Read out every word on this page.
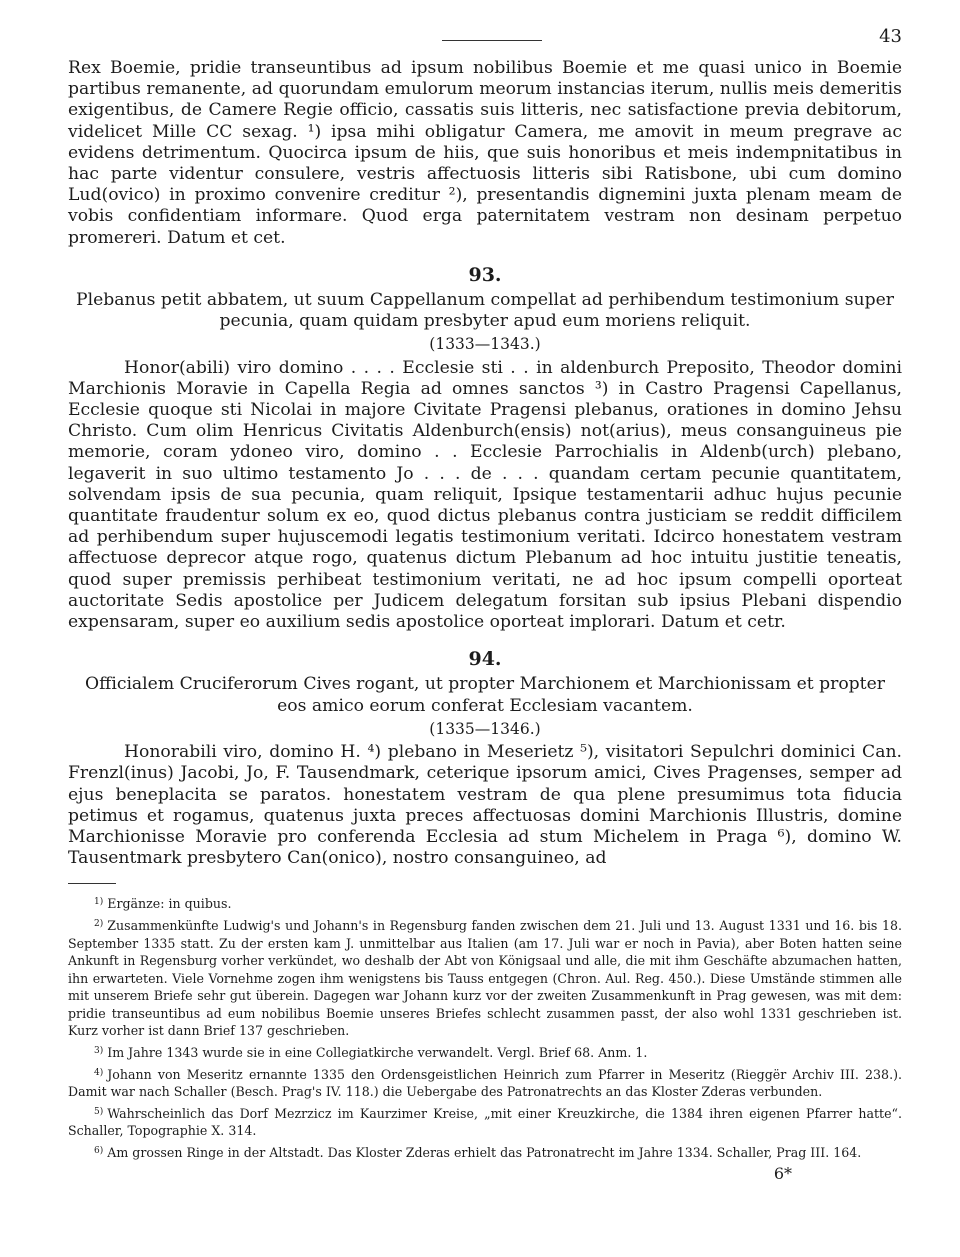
43

Rex Boemie, pridie transeuntibus ad ipsum nobilibus Boemie et me quasi unico in Boemie partibus remanente, ad quorundam emulorum meorum instancias iterum, nullis meis demeritis exigentibus, de Camere Regie officio, cassatis suis litteris, nec satisfactione previa debitorum, videlicet Mille CC sexag. ¹) ipsa mihi obligatur Camera, me amovit in meum pregrave ac evidens detrimentum. Quocirca ipsum de hiis, que suis honoribus et meis indempnitatibus in hac parte videntur consulere, vestris affectuosis litteris sibi Ratisbone, ubi cum domino Lud(ovico) in proximo convenire creditur ²), presentandis dignemini juxta plenam meam de vobis confidentiam informare. Quod erga paternitatem vestram non desinam perpetuo promereri. Datum et cet.

93.

Plebanus petit abbatem, ut suum Cappellanum compellat ad perhibendum testimonium super pecunia, quam quidam presbyter apud eum moriens reliquit.

(1333—1343.)

Honor(abili) viro domino . . . . Ecclesie sti . . in aldenburch Preposito, Theodor domini Marchionis Moravie in Capella Regia ad omnes sanctos ³) in Castro Pragensi Capellanus, Ecclesie quoque sti Nicolai in majore Civitate Pragensi plebanus, orationes in domino Jehsu Christo. Cum olim Henricus Civitatis Aldenburch(ensis) not(arius), meus consanguineus pie memorie, coram ydoneo viro, domino . . Ecclesie Parrochialis in Aldenb(urch) plebano, legaverit in suo ultimo testamento Jo . . . de . . . quandam certam pecunie quantitatem, solvendam ipsis de sua pecunia, quam reliquit, Ipsique testamentarii adhuc hujus pecunie quantitate fraudentur solum ex eo, quod dictus plebanus contra justiciam se reddit difficilem ad perhibendum super hujuscemodi legatis testimonium veritati. Idcirco honestatem vestram affectuose deprecor atque rogo, quatenus dictum Plebanum ad hoc intuitu justitie teneatis, quod super premissis perhibeat testimonium veritati, ne ad hoc ipsum compelli oporteat auctoritate Sedis apostolice per Judicem delegatum forsitan sub ipsius Plebani dispendio expensaram, super eo auxilium sedis apostolice oporteat implorari. Datum et cetr.

94.

Officialem Cruciferorum Cives rogant, ut propter Marchionem et Marchionissam et propter eos amico eorum conferat Ecclesiam vacantem.

(1335—1346.)

Honorabili viro, domino H. ⁴) plebano in Meserietz ⁵), visitatori Sepulchri dominici Can. Frenzl(inus) Jacobi, Jo, F. Tausendmark, ceterique ipsorum amici, Cives Pragenses, semper ad ejus beneplacita se paratos. honestatem vestram de qua plene presumimus tota fiducia petimus et rogamus, quatenus juxta preces affectuosas domini Marchionis Illustris, domine Marchionisse Moravie pro conferenda Ecclesia ad stum Michelem in Praga ⁶), domino W. Tausentmark presbytero Can(onico), nostro consanguineo, ad

$^{1)}$ Ergänze: in quibus.

$^{2)}$ Zusammenkünfte Ludwig's und Johann's in Regensburg fanden zwischen dem 21. Juli und 13. August 1331 und 16. bis 18. September 1335 statt. Zu der ersten kam J. unmittelbar aus Italien (am 17. Juli war er noch in Pavia), aber Boten hatten seine Ankunft in Regensburg vorher verkündet, wo deshalb der Abt von Königsaal und alle, die mit ihm Geschäfte abzumachen hatten, ihn erwarteten. Viele Vornehme zogen ihm wenigstens bis Tauss entgegen (Chron. Aul. Reg. 450.). Diese Umstände stimmen alle mit unserem Briefe sehr gut überein. Dagegen war Johann kurz vor der zweiten Zusammenkunft in Prag gewesen, was mit dem: pridie transeuntibus ad eum nobilibus Boemie unseres Briefes schlecht zusammen passt, der also wohl 1331 geschrieben ist. Kurz vorher ist dann Brief 137 geschrieben.

$^{3)}$ Im Jahre 1343 wurde sie in eine Collegiatkirche verwandelt. Vergl. Brief 68. Anm. 1.

$^{4)}$ Johann von Meseritz ernannte 1335 den Ordensgeistlichen Heinrich zum Pfarrer in Meseritz (Rieggër Archiv III. 238.). Damit war nach Schaller (Besch. Prag's IV. 118.) die Uebergabe des Patronatrechts an das Kloster Zderas verbunden.

$^{5)}$ Wahrscheinlich das Dorf Mezrzicz im Kaurzimer Kreise, „mit einer Kreuzkirche, die 1384 ihren eigenen Pfarrer hatte“. Schaller, Topographie X. 314.

$^{6)}$ Am grossen Ringe in der Altstadt. Das Kloster Zderas erhielt das Patronatrecht im Jahre 1334. Schaller, Prag III. 164.

6*
